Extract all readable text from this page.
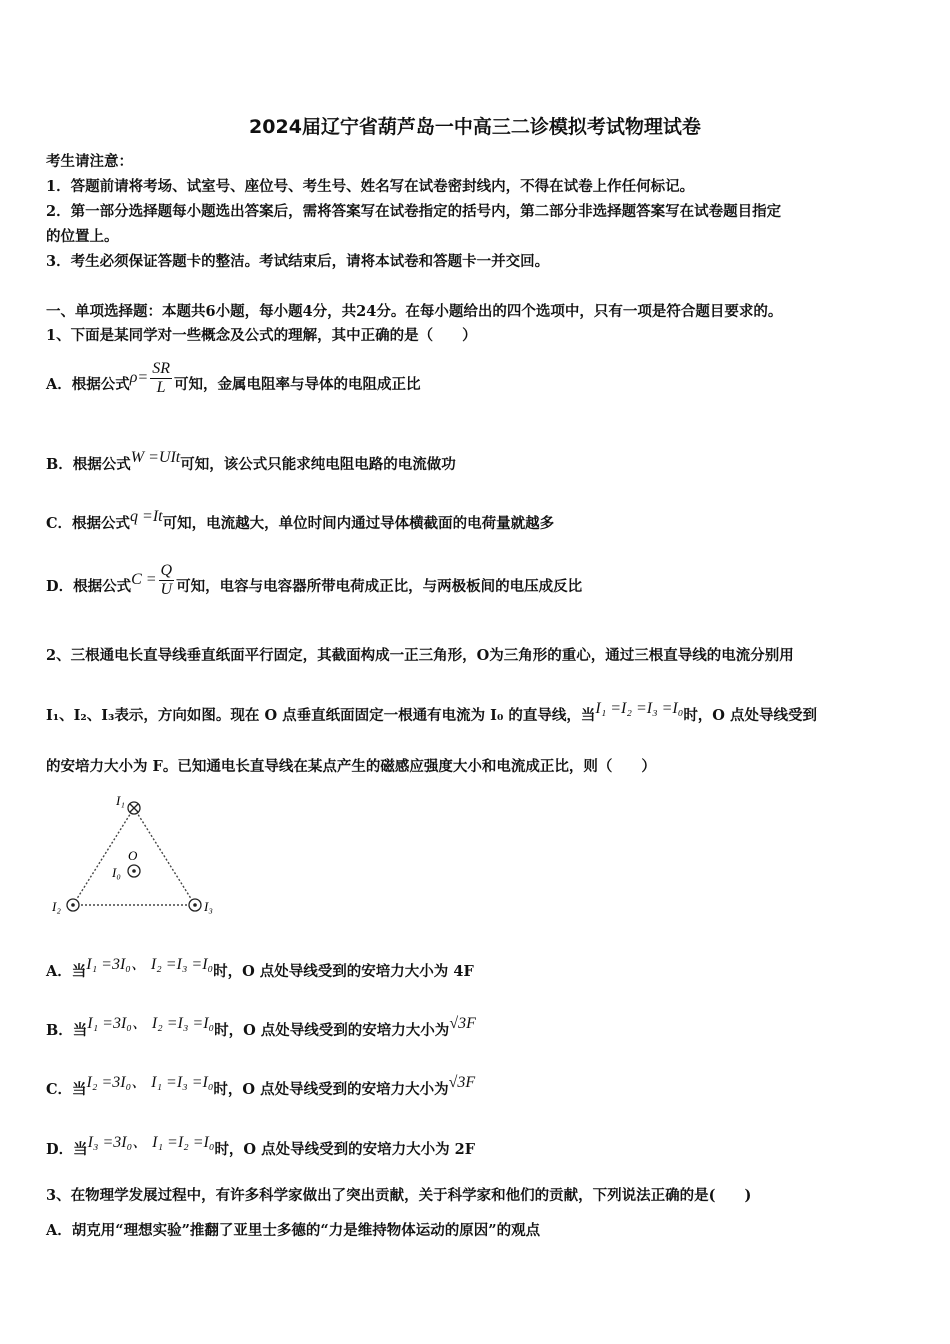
2024届辽宁省葫芦岛一中高三二诊模拟考试物理试卷
考生请注意：
1．答题前请将考场、试室号、座位号、考生号、姓名写在试卷密封线内，不得在试卷上作任何标记。
2．第一部分选择题每小题选出答案后，需将答案写在试卷指定的括号内，第二部分非选择题答案写在试卷题目指定
的位置上。
3．考生必须保证答题卡的整洁。考试结束后，请将本试卷和答题卡一并交回。
一、单项选择题：本题共6小题，每小题4分，共24分。在每小题给出的四个选项中，只有一项是符合题目要求的。
1、下面是某同学对一些概念及公式的理解，其中正确的是（　　）
A．根据公式$\rho= \frac{SR}{L}$ 可知，金属电阻率与导体的电阻成正比
B．根据公式W =UIt可知，该公式只能求纯电阻电路的电流做功
C．根据公式q =It可知，电流越大，单位时间内通过导体横截面的电荷量就越多
D．根据公式$C = \frac{Q}{U}$ 可知，电容与电容器所带电荷成正比，与两极板间的电压成反比
2、三根通电长直导线垂直纸面平行固定，其截面构成一正三角形，O为三角形的重心，通过三根直导线的电流分别用
I₁、I₂、I₃表示，方向如图。现在 O 点垂直纸面固定一根通有电流为 I₀ 的直导线，当I₁ =I₂ =I₃ =I₀时，O 点处导线受到
的安培力大小为 F。已知通电长直导线在某点产生的磁感应强度大小和电流成正比，则（　　）
I₁
I₂	I₃
O
I₀
A．当I₁ =3I₀、 I₂ =I₃ =I₀时，O 点处导线受到的安培力大小为 4F
B．当I₁ =3I₀、 I₂ =I₃ =I₀时，O 点处导线受到的安培力大小为√3F
C．当I₂ =3I₀、 I₁ =I₃ =I₀时，O 点处导线受到的安培力大小为√3F
D．当I₃ =3I₀、 I₁ =I₂ =I₀时，O 点处导线受到的安培力大小为 2F
3、在物理学发展过程中，有许多科学家做出了突出贡献，关于科学家和他们的贡献，下列说法正确的是(　　)
A．胡克用“理想实验”推翻了亚里士多德的“力是维持物体运动的原因”的观点
